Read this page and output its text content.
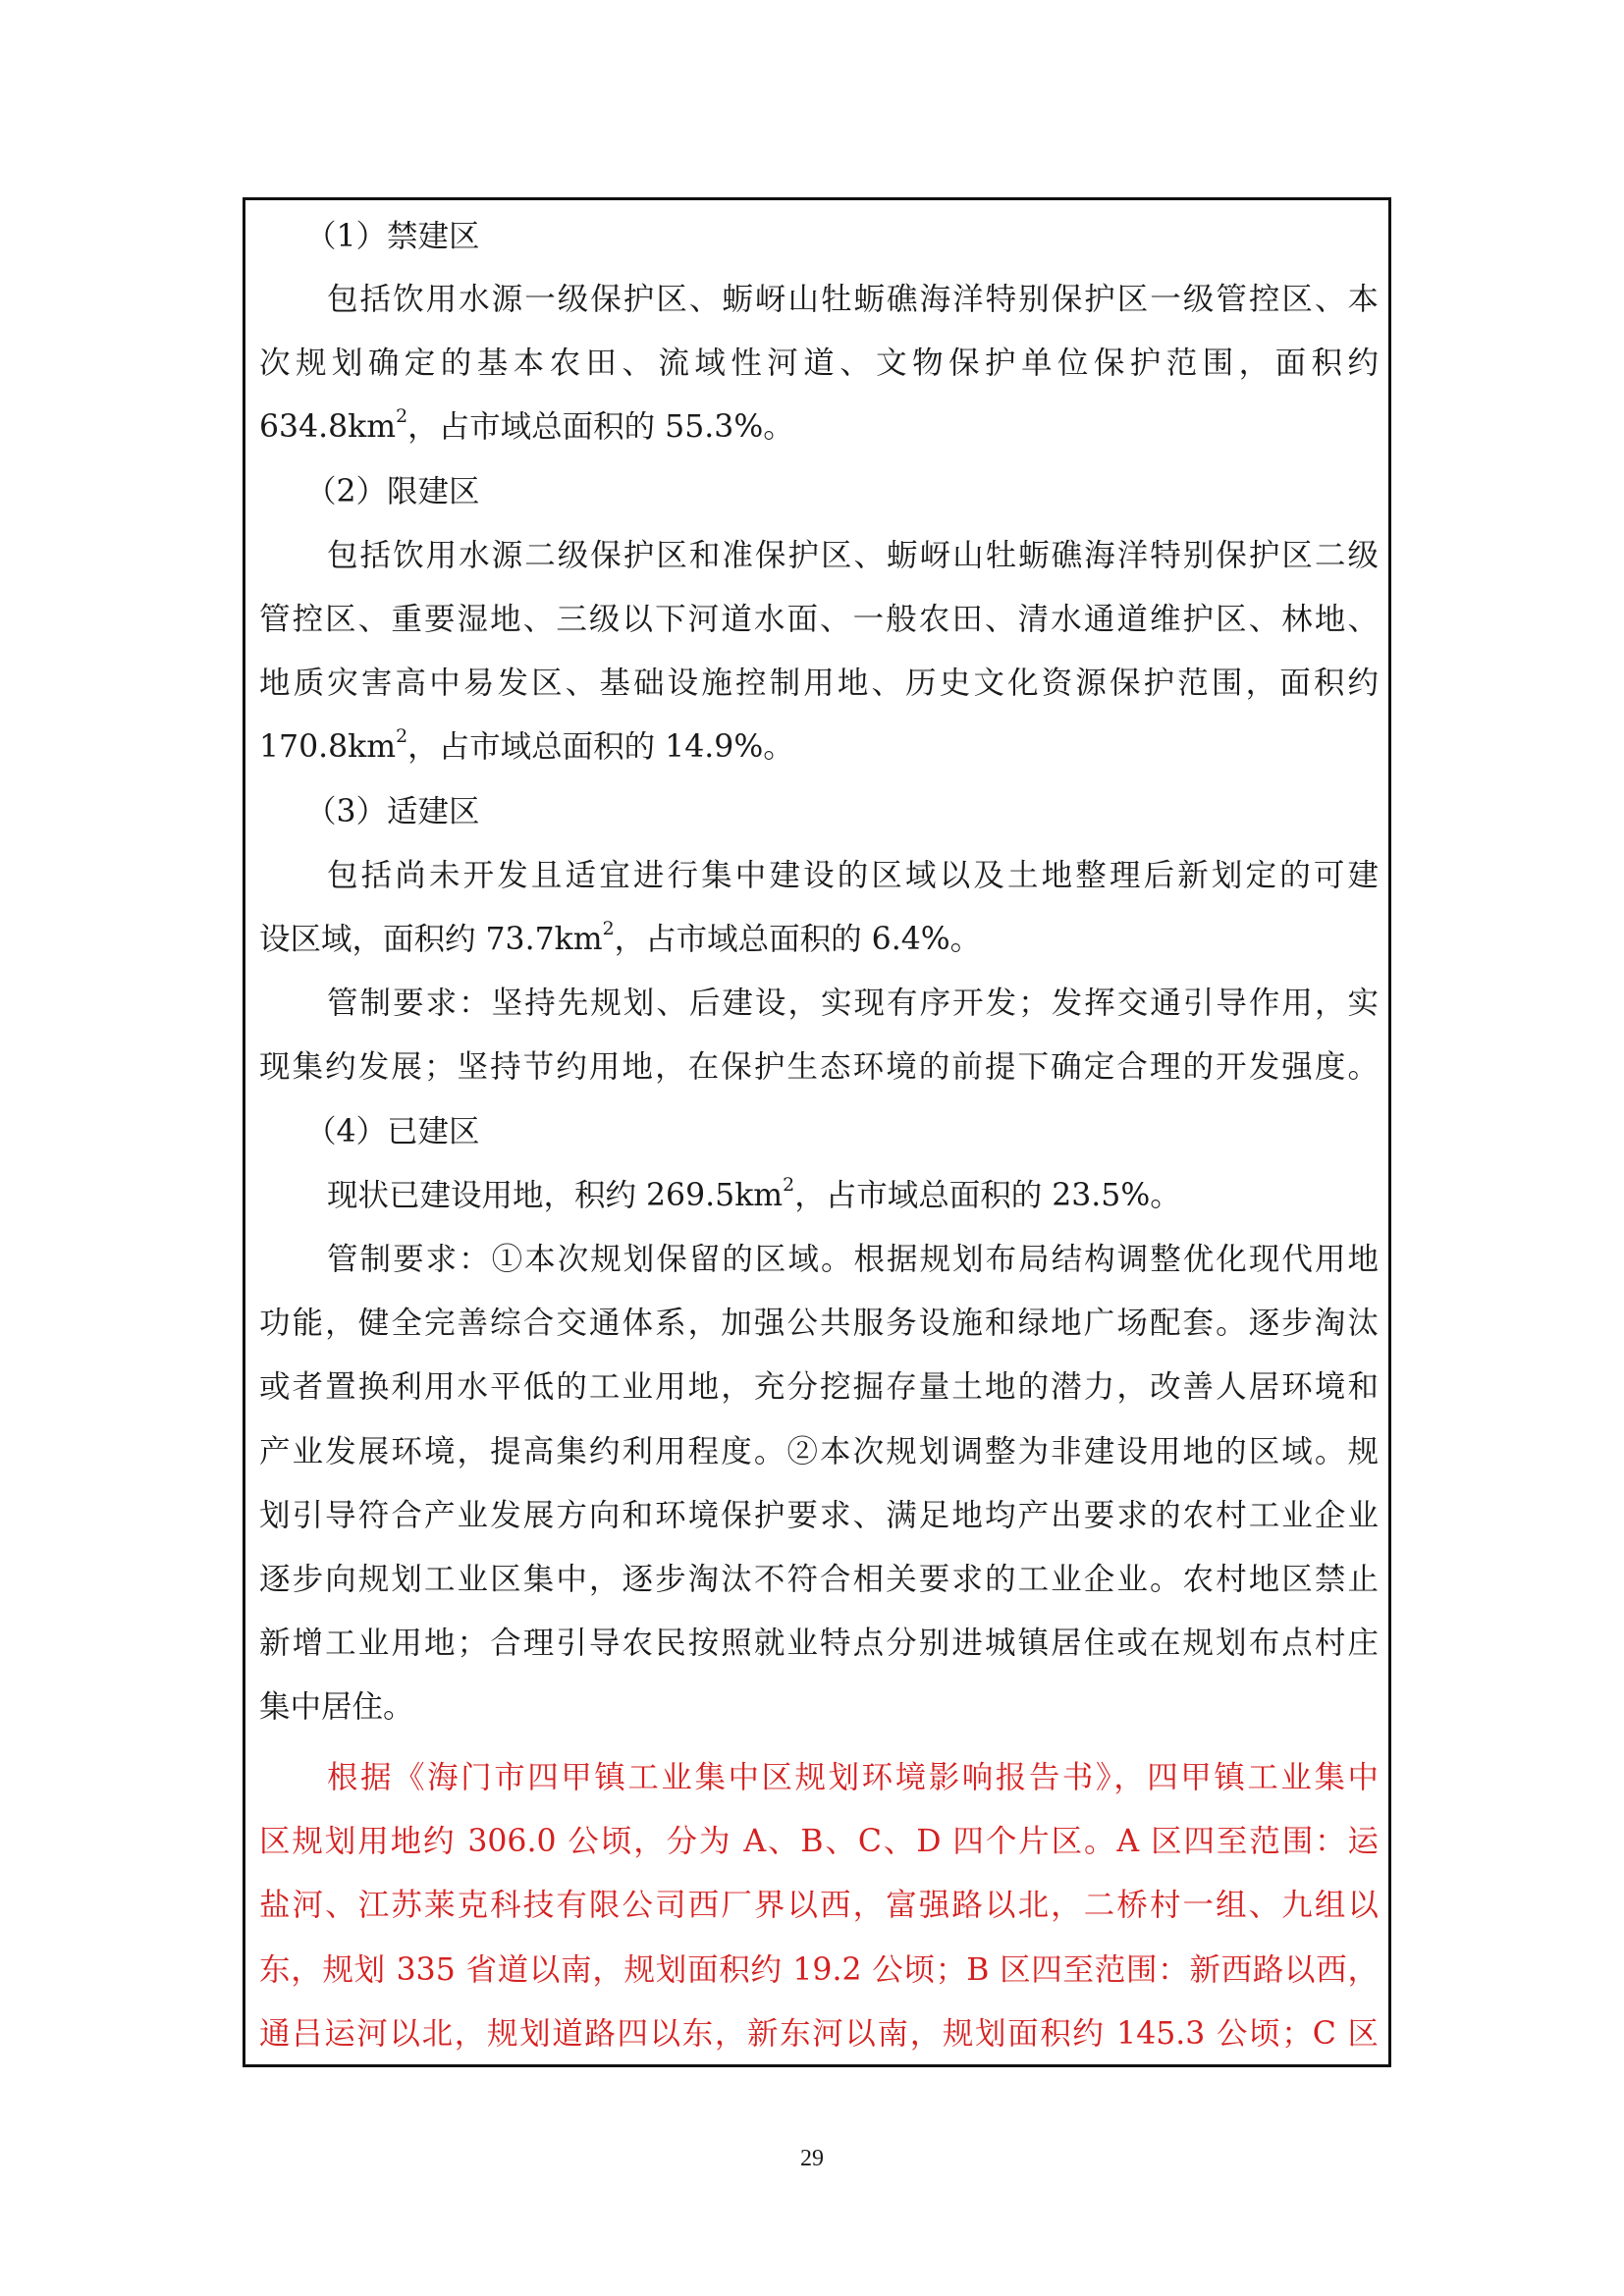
（1）禁建区
包括饮用水源一级保护区、蛎岈山牡蛎礁海洋特别保护区一级管控区、本
次规划确定的基本农田、流域性河道、文物保护单位保护范围，面积约
$634.8km^2$，占市域总面积的 55.3%。
（2）限建区
包括饮用水源二级保护区和准保护区、蛎岈山牡蛎礁海洋特别保护区二级
管控区、重要湿地、三级以下河道水面、一般农田、清水通道维护区、林地、
地质灾害高中易发区、基础设施控制用地、历史文化资源保护范围，面积约
$170.8km^2$，占市域总面积的 14.9%。
（3）适建区
包括尚未开发且适宜进行集中建设的区域以及土地整理后新划定的可建
设区域，面积约 $73.7km^2$，占市域总面积的 6.4%。
管制要求：坚持先规划、后建设，实现有序开发；发挥交通引导作用，实
现集约发展；坚持节约用地，在保护生态环境的前提下确定合理的开发强度。
（4）已建区
现状已建设用地，积约 $269.5km^2$，占市域总面积的 23.5%。
管制要求：①本次规划保留的区域。根据规划布局结构调整优化现代用地
功能，健全完善综合交通体系，加强公共服务设施和绿地广场配套。逐步淘汰
或者置换利用水平低的工业用地，充分挖掘存量土地的潜力，改善人居环境和
产业发展环境，提高集约利用程度。②本次规划调整为非建设用地的区域。规
划引导符合产业发展方向和环境保护要求、满足地均产出要求的农村工业企业
逐步向规划工业区集中，逐步淘汰不符合相关要求的工业企业。农村地区禁止
新增工业用地；合理引导农民按照就业特点分别进城镇居住或在规划布点村庄
集中居住。
根据《海门市四甲镇工业集中区规划环境影响报告书》，四甲镇工业集中
区规划用地约 306.0 公顷，分为 A、B、C、D 四个片区。A 区四至范围：运
盐河、江苏莱克科技有限公司西厂界以西，富强路以北，二桥村一组、九组以
东，规划 335 省道以南，规划面积约 19.2 公顷；B 区四至范围：新西路以西，
通吕运河以北，规划道路四以东，新东河以南，规划面积约 145.3 公顷；C 区
29
